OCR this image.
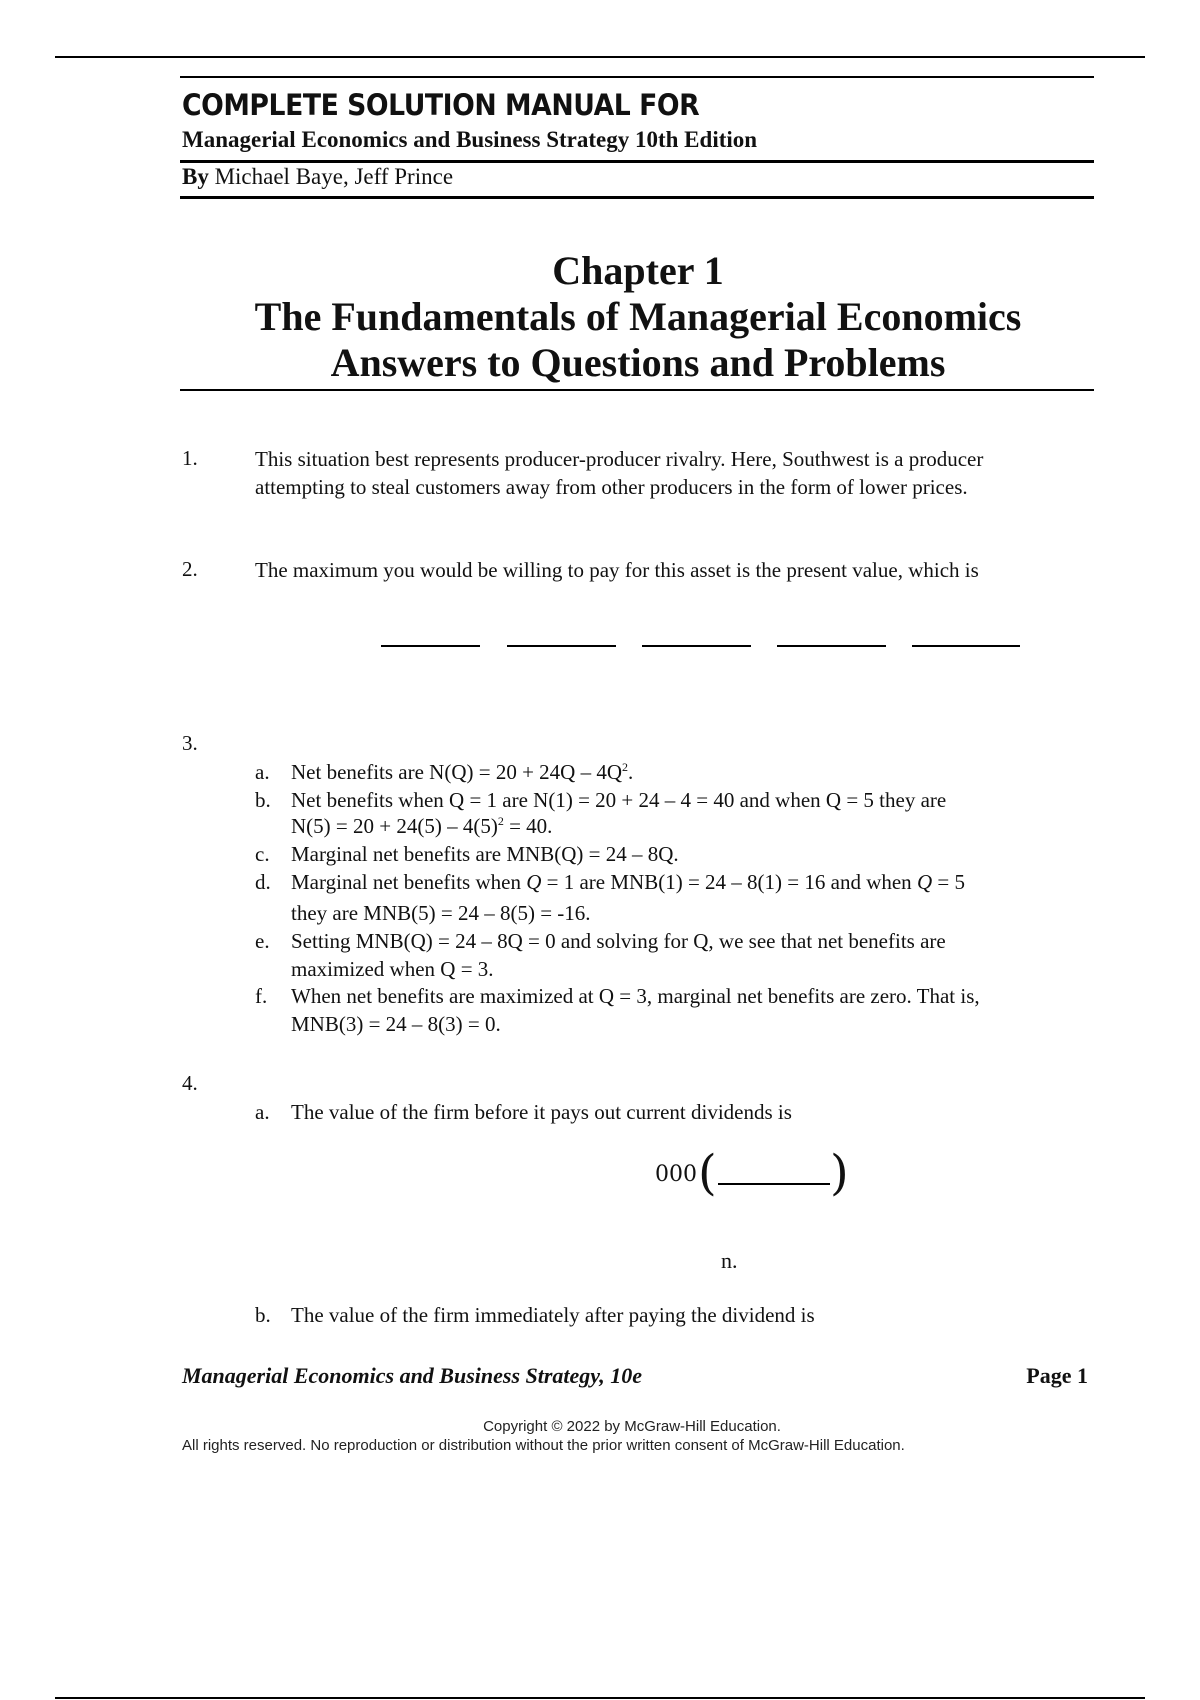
COMPLETE SOLUTION MANUAL FOR
Managerial Economics and Business Strategy 10th Edition
By Michael Baye, Jeff Prince
Chapter 1
The Fundamentals of Managerial Economics
Answers to Questions and Problems
1.	This situation best represents producer-producer rivalry. Here, Southwest is a producer attempting to steal customers away from other producers in the form of lower prices.
2.	The maximum you would be willing to pay for this asset is the present value, which is
3.
a. Net benefits are $N(Q) = 20 + 24Q - 4Q^2$.
b. Net benefits when Q = 1 are N(1) = 20 + 24 – 4 = 40 and when Q = 5 they are
$N(5) = 20 + 24(5) - 4(5)^2 = 40$.
c. Marginal net benefits are MNB(Q) = 24 – 8Q.
d. Marginal net benefits when Q = 1 are MNB(1) = 24 – 8(1) = 16 and when Q = 5
they are MNB(5) = 24 – 8(5) = -16.
e. Setting MNB(Q) = 24 – 8Q = 0 and solving for Q, we see that net benefits are
maximized when Q = 3.
f. When net benefits are maximized at Q = 3, marginal net benefits are zero. That is,
MNB(3) = 24 – 8(3) = 0.
4.
a. The value of the firm before it pays out current dividends is
000 ( )
n.
b. The value of the firm immediately after paying the dividend is
Managerial Economics and Business Strategy, 10e	Page 1
Copyright © 2022 by McGraw-Hill Education.
All rights reserved. No reproduction or distribution without the prior written consent of McGraw-Hill Education.
